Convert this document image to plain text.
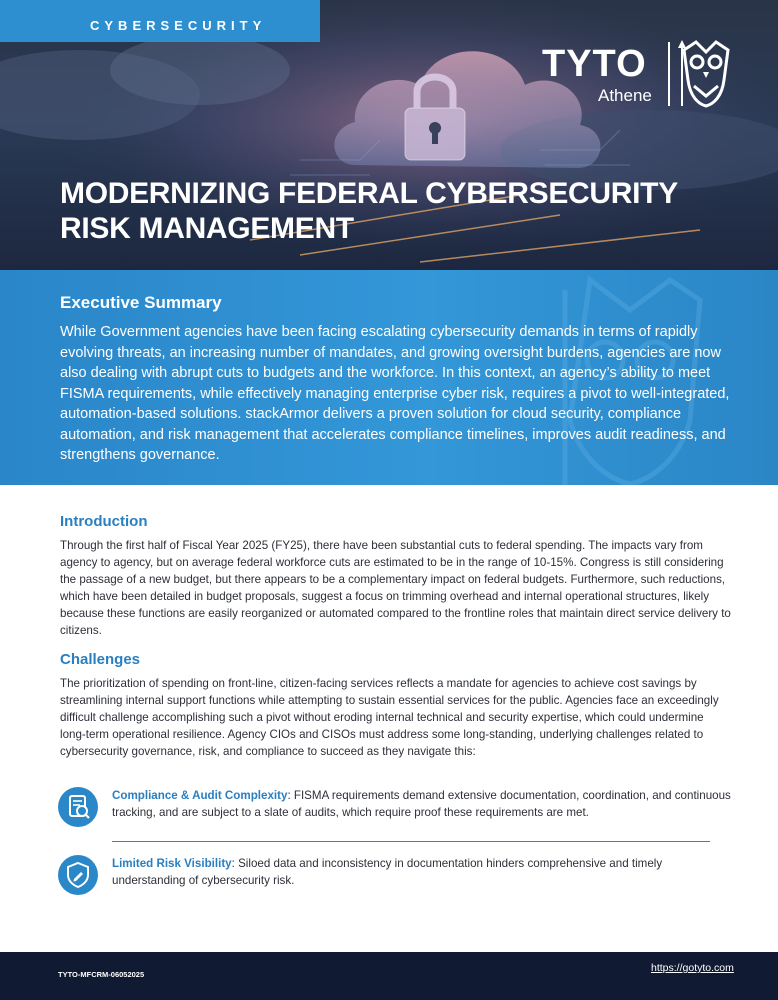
CYBERSECURITY
TYTO
Athene
MODERNIZING FEDERAL CYBERSECURITY
RISK MANAGEMENT
Executive Summary
While Government agencies have been facing escalating cybersecurity demands in terms of rapidly evolving threats, an increasing number of mandates, and growing oversight burdens, agencies are now also dealing with abrupt cuts to budgets and the workforce. In this context, an agency’s ability to meet FISMA requirements, while effectively managing enterprise cyber risk, requires a pivot to well-integrated, automation-based solutions. stackArmor delivers a proven solution for cloud security, compliance automation, and risk management that accelerates compliance timelines, improves audit readiness, and strengthens governance.
Introduction
Through the first half of Fiscal Year 2025 (FY25), there have been substantial cuts to federal spending. The impacts vary from agency to agency, but on average federal workforce cuts are estimated to be in the range of 10-15%. Congress is still considering the passage of a new budget, but there appears to be a complementary impact on federal budgets. Furthermore, such reductions, which have been detailed in budget proposals, suggest a focus on trimming overhead and internal operational structures, likely because these functions are easily reorganized or automated compared to the frontline roles that maintain direct service delivery to citizens.
Challenges
The prioritization of spending on front-line, citizen-facing services reflects a mandate for agencies to achieve cost savings by streamlining internal support functions while attempting to sustain essential services for the public. Agencies face an exceedingly difficult challenge accomplishing such a pivot without eroding internal technical and security expertise, which could undermine long-term operational resilience. Agency CIOs and CISOs must address some long-standing, underlying challenges related to cybersecurity governance, risk, and compliance to succeed as they navigate this:
Compliance & Audit Complexity: FISMA requirements demand extensive documentation, coordination, and continuous tracking, and are subject to a slate of audits, which require proof these requirements are met.
Limited Risk Visibility: Siloed data and inconsistency in documentation hinders comprehensive and timely understanding of cybersecurity risk.
TYTO-MFCRM-06052025
https://gotyto.com
